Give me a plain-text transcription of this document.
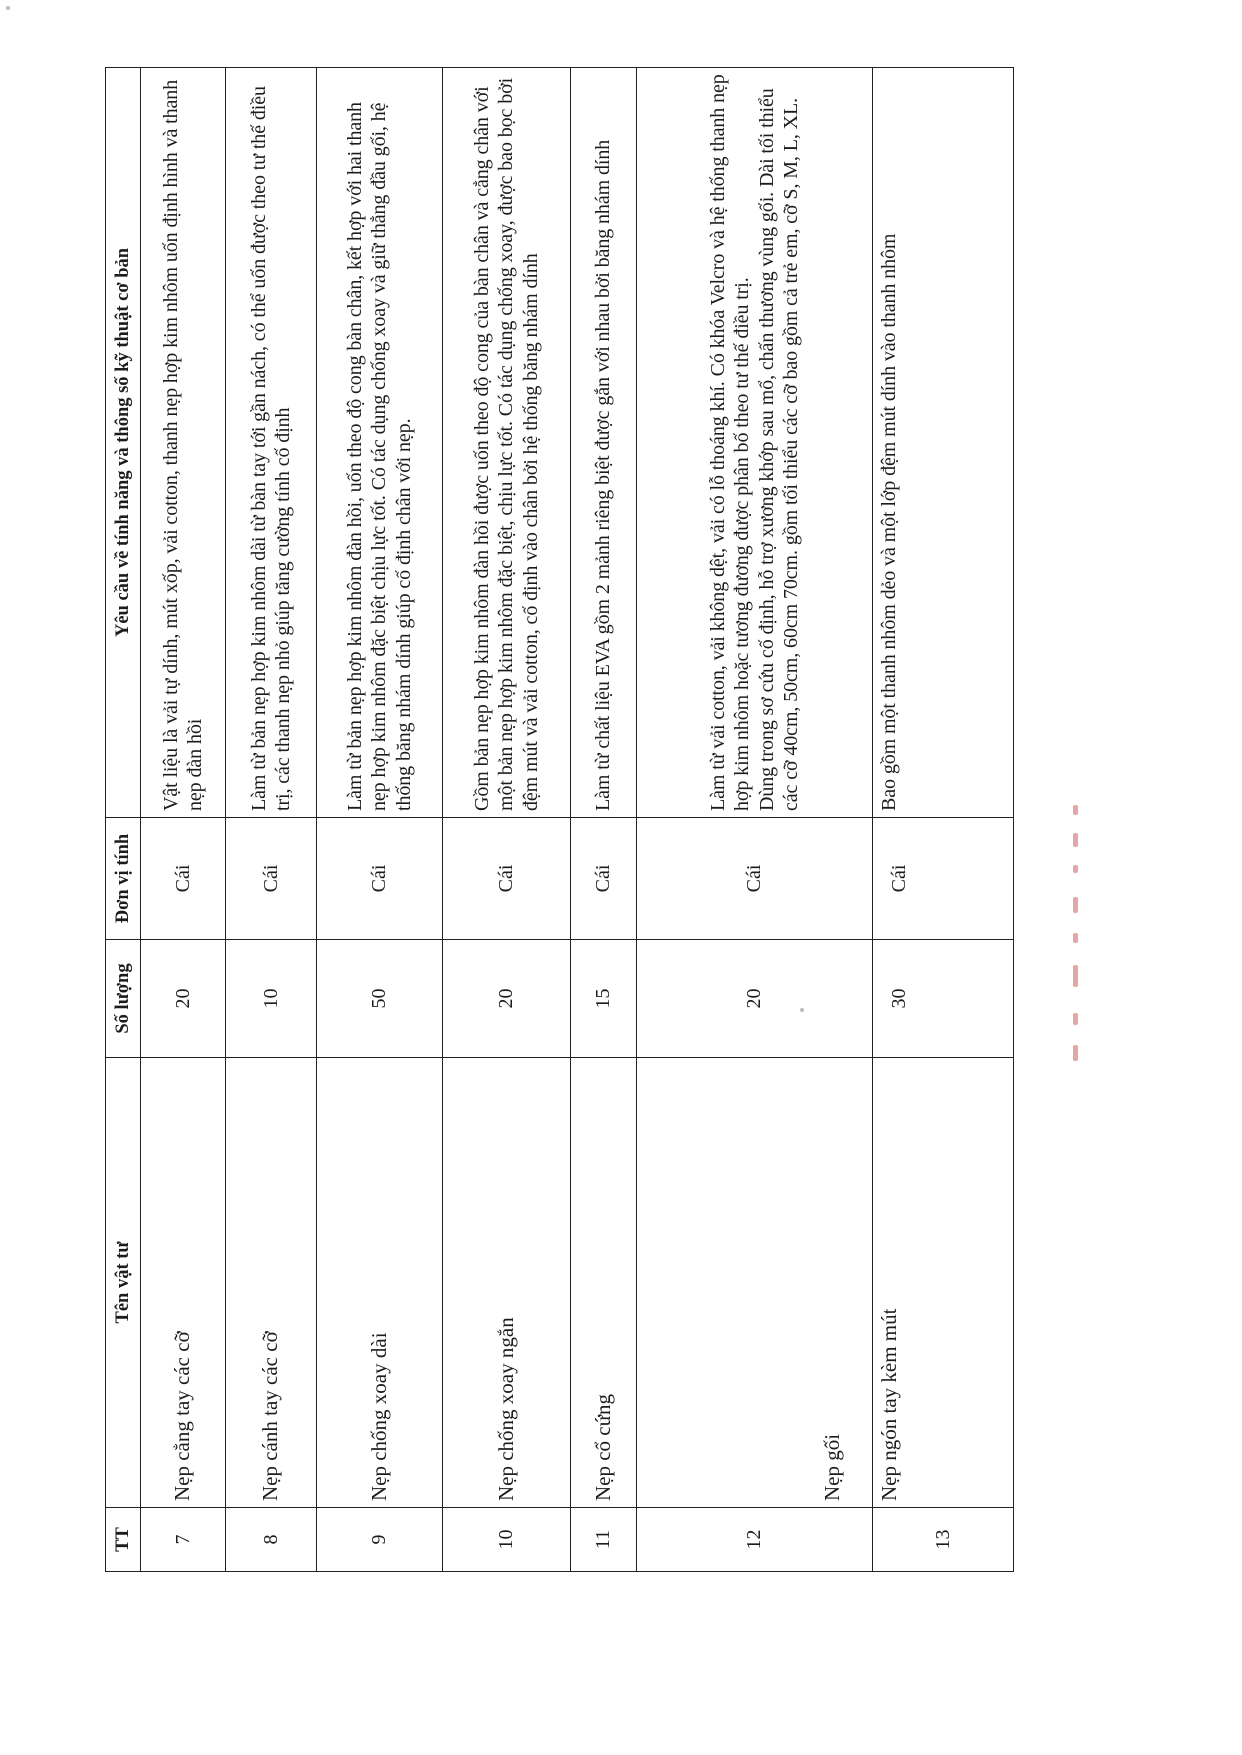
TT	Tên vật tư	Số lượng	Đơn vị tính	Yêu cầu về tính năng và thông số kỹ thuật cơ bản
7	Nẹp cẳng tay các cỡ	20	Cái	Vật liệu là vải tự dính, mút xốp, vải cotton, thanh nẹp hợp kim nhôm uốn định hình và thanh nẹp đàn hồi

8	Nẹp cánh tay các cỡ	10	Cái	Làm từ bản nẹp hợp kim nhôm dài từ bàn tay tới gần nách, có thể uốn được theo tư thế điều trị, các thanh nẹp nhỏ giúp tăng cường tính cố định

9	Nẹp chống xoay dài	50	Cái	Làm từ bản nẹp hợp kim nhôm đàn hồi, uốn theo độ cong bàn chân, kết hợp với hai thanh nẹp hợp kim nhôm đặc biệt chịu lực tốt. Có tác dụng chống xoay và giữ thẳng đầu gối, hệ thống băng nhám dính giúp cố định chân với nẹp.

10	Nẹp chống xoay ngắn	20	Cái	Gồm bản nẹp hợp kim nhôm đàn hồi được uốn theo độ cong của bàn chân và cẳng chân với một bản nẹp hợp kim nhôm đặc biệt, chịu lực tốt. Có tác dụng chống xoay, được bao bọc bởi đệm mút và vải cotton, cố định vào chân bởi hệ thống băng nhám dính

11	Nẹp cổ cứng	15	Cái	Làm từ chất liệu EVA gồm 2 mảnh riêng biệt được gắn với nhau bởi băng nhám dính

12	Nẹp gối	20	Cái	Làm từ vải cotton, vải không dệt, vải có lỗ thoáng khí. Có khóa Velcro và hệ thống thanh nẹp hợp kim nhôm hoặc tương đương được phân bố theo tư thế điều trị. Dùng trong sơ cứu cố định, hỗ trợ xương khớp sau mổ, chấn thương vùng gối. Dài tối thiểu các cỡ 40cm, 50cm, 60cm 70cm. gồm tối thiểu các cỡ bao gồm cả trẻ em, cỡ S, M, L, XL.

13	Nẹp ngón tay kèm mút	30	Cái	Bao gồm một thanh nhôm dẻo và một lớp đệm mút dính vào thanh nhôm
